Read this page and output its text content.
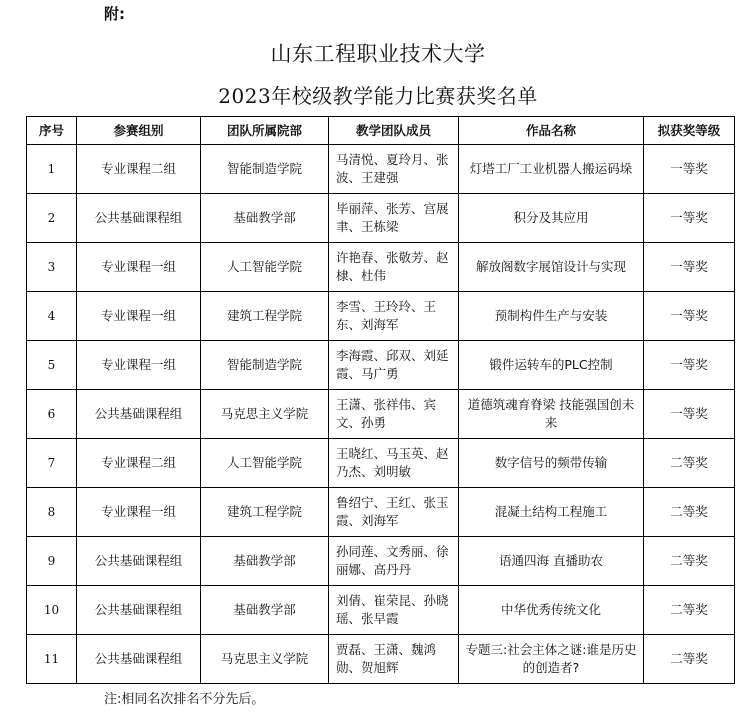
附:
山东工程职业技术大学
2023年校级教学能力比赛获奖名单
序号	参赛组别	团队所属院部	教学团队成员	作品名称	拟获奖等级
1	专业课程二组	智能制造学院	马清悦、夏玲月、张波、王建强	灯塔工厂工业机器人搬运码垛	一等奖
2	公共基础课程组	基础教学部	毕丽萍、张芳、宫展聿、王栋梁	积分及其应用	一等奖
3	专业课程一组	人工智能学院	许艳春、张敬芳、赵棣、杜伟	解放阁数字展馆设计与实现	一等奖
4	专业课程一组	建筑工程学院	李雪、王玲玲、王东、刘海军	预制构件生产与安装	一等奖
5	专业课程一组	智能制造学院	李海霞、邱双、刘延霞、马广勇	锻件运转车的PLC控制	一等奖
6	公共基础课程组	马克思主义学院	王潇、张祥伟、宾文、孙勇	道德筑魂育脊梁 技能强国创未来	一等奖
7	专业课程二组	人工智能学院	王晓红、马玉英、赵乃杰、刘明敏	数字信号的频带传输	二等奖
8	专业课程一组	建筑工程学院	鲁绍宁、王红、张玉霞、刘海军	混凝土结构工程施工	二等奖
9	公共基础课程组	基础教学部	孙同莲、文秀丽、徐丽娜、高丹丹	语通四海 直播助农	二等奖
10	公共基础课程组	基础教学部	刘倩、崔荣昆、孙晓瑶、张早霞	中华优秀传统文化	二等奖
11	公共基础课程组	马克思主义学院	贾磊、王潇、魏鸿勋、贺旭辉	专题三:社会主体之谜:谁是历史的创造者?	二等奖
注:相同名次排名不分先后。
